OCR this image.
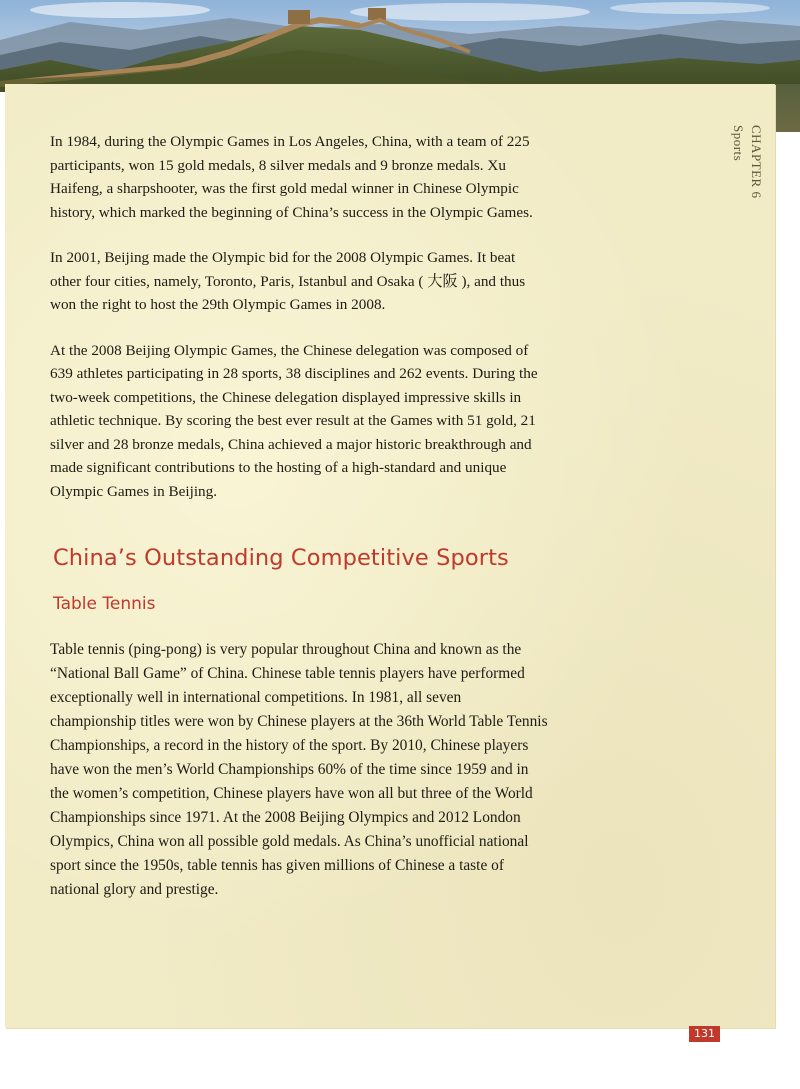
CHAPTER 6
Sports

In 1984, during the Olympic Games in Los Angeles, China, with a team of 225 participants, won 15 gold medals, 8 silver medals and 9 bronze medals. Xu Haifeng, a sharpshooter, was the first gold medal winner in Chinese Olympic history, which marked the beginning of China’s success in the Olympic Games.

In 2001, Beijing made the Olympic bid for the 2008 Olympic Games. It beat other four cities, namely, Toronto, Paris, Istanbul and Osaka ( 大阪 ), and thus won the right to host the 29th Olympic Games in 2008.

At the 2008 Beijing Olympic Games, the Chinese delegation was composed of 639 athletes participating in 28 sports, 38 disciplines and 262 events. During the two-week competitions, the Chinese delegation displayed impressive skills in athletic technique. By scoring the best ever result at the Games with 51 gold, 21 silver and 28 bronze medals, China achieved a major historic breakthrough and made significant contributions to the hosting of a high-standard and unique Olympic Games in Beijing.

China’s Outstanding Competitive Sports
Table Tennis

Table tennis (ping-pong) is very popular throughout China and known as the “National Ball Game” of China. Chinese table tennis players have performed exceptionally well in international competitions. In 1981, all seven championship titles were won by Chinese players at the 36th World Table Tennis Championships, a record in the history of the sport. By 2010, Chinese players have won the men’s World Championships 60% of the time since 1959 and in the women’s competition, Chinese players have won all but three of the World Championships since 1971. At the 2008 Beijing Olympics and 2012 London Olympics, China won all possible gold medals. As China’s unofficial national sport since the 1950s, table tennis has given millions of Chinese a taste of national glory and prestige.

131
